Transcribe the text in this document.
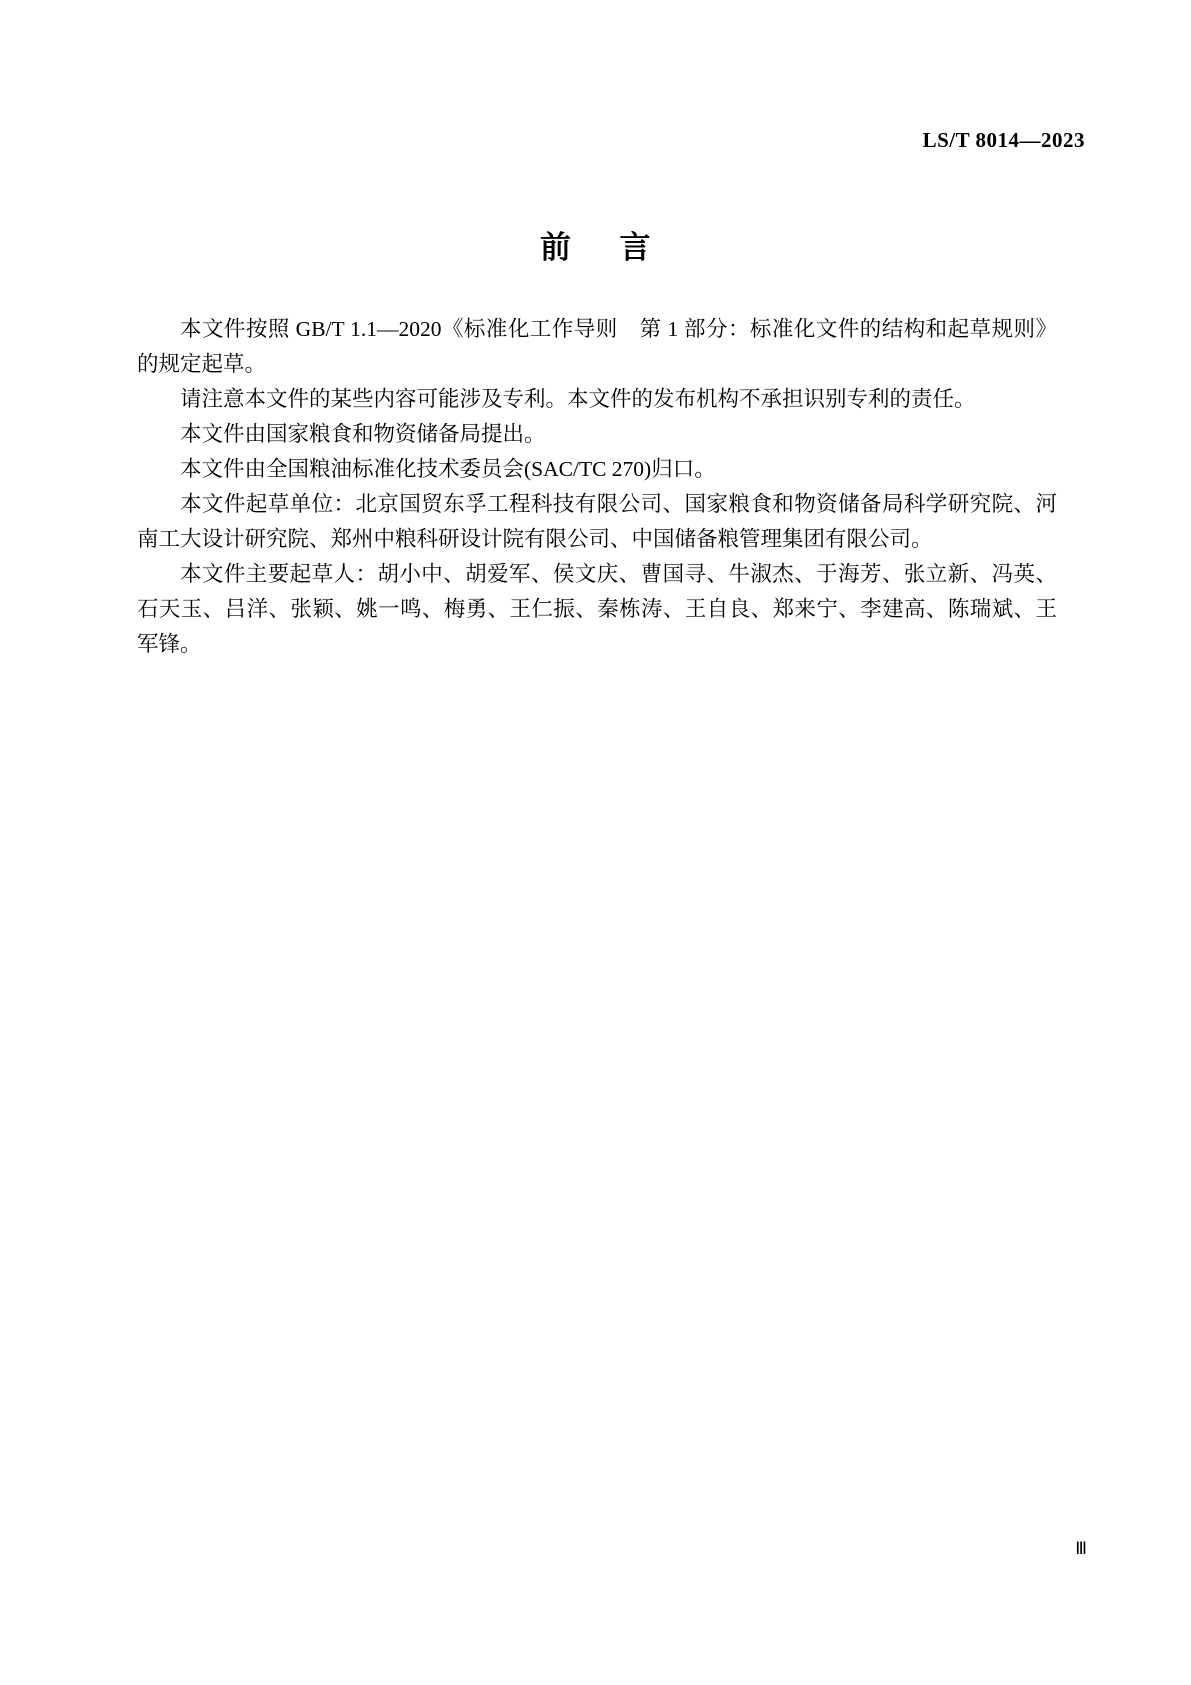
LS/T 8014—2023
前 言

本文件按照 GB/T 1.1—2020《标准化工作导则　第 1 部分：标准化文件的结构和起草规则》的规定起草。

请注意本文件的某些内容可能涉及专利。本文件的发布机构不承担识别专利的责任。

本文件由国家粮食和物资储备局提出。

本文件由全国粮油标准化技术委员会(SAC/TC 270)归口。

本文件起草单位：北京国贸东孚工程科技有限公司、国家粮食和物资储备局科学研究院、河南工大设计研究院、郑州中粮科研设计院有限公司、中国储备粮管理集团有限公司。

本文件主要起草人：胡小中、胡爱军、侯文庆、曹国寻、牛淑杰、于海芳、张立新、冯英、石天玉、吕洋、张颖、姚一鸣、梅勇、王仁振、秦栋涛、王自良、郑来宁、李建高、陈瑞斌、王军锋。

Ⅲ
